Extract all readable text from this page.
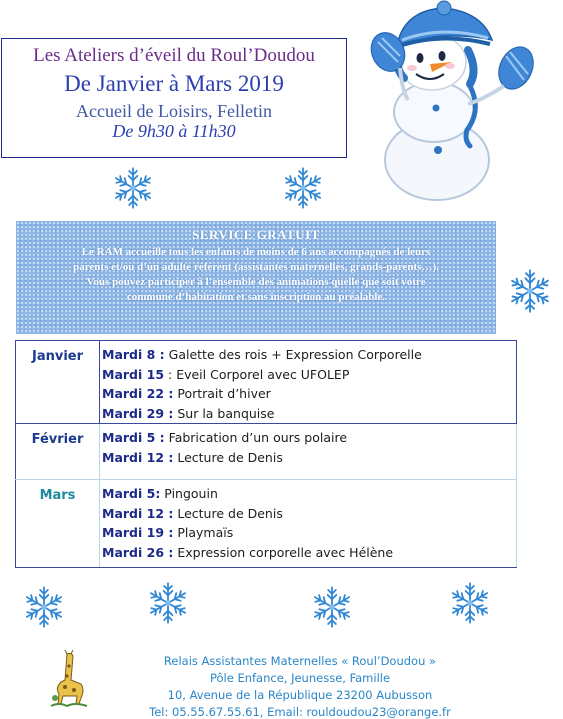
Les Ateliers d’éveil du Roul’Doudou
De Janvier à Mars 2019
Accueil de Loisirs, Felletin
De 9h30 à 11h30
SERVICE GRATUIT
Le RAM accueille tous les enfants de moins de 6 ans accompagnés de leurs
parents et/ou d’un adulte référent (assistantes maternelles, grands-parents…).
Vous pouvez participer à l’ensemble des animations quelle que soit votre
commune d’habitation et sans inscription au préalable.
Janvier	Mardi 8 : Galette des rois + Expression Corporelle
Mardi 15 : Eveil Corporel avec UFOLEP
Mardi 22 : Portrait d’hiver
Mardi 29 : Sur la banquise

Février	Mardi 5 : Fabrication d’un ours polaire
Mardi 12 : Lecture de Denis

Mars	Mardi 5: Pingouin
Mardi 12 : Lecture de Denis
Mardi 19 : Playmaïs
Mardi 26 : Expression corporelle avec Hélène
Relais Assistantes Maternelles « Roul’Doudou »
Pôle Enfance, Jeunesse, Famille
10, Avenue de la République 23200 Aubusson
Tel: 05.55.67.55.61, Email: rouldoudou23@orange.fr
